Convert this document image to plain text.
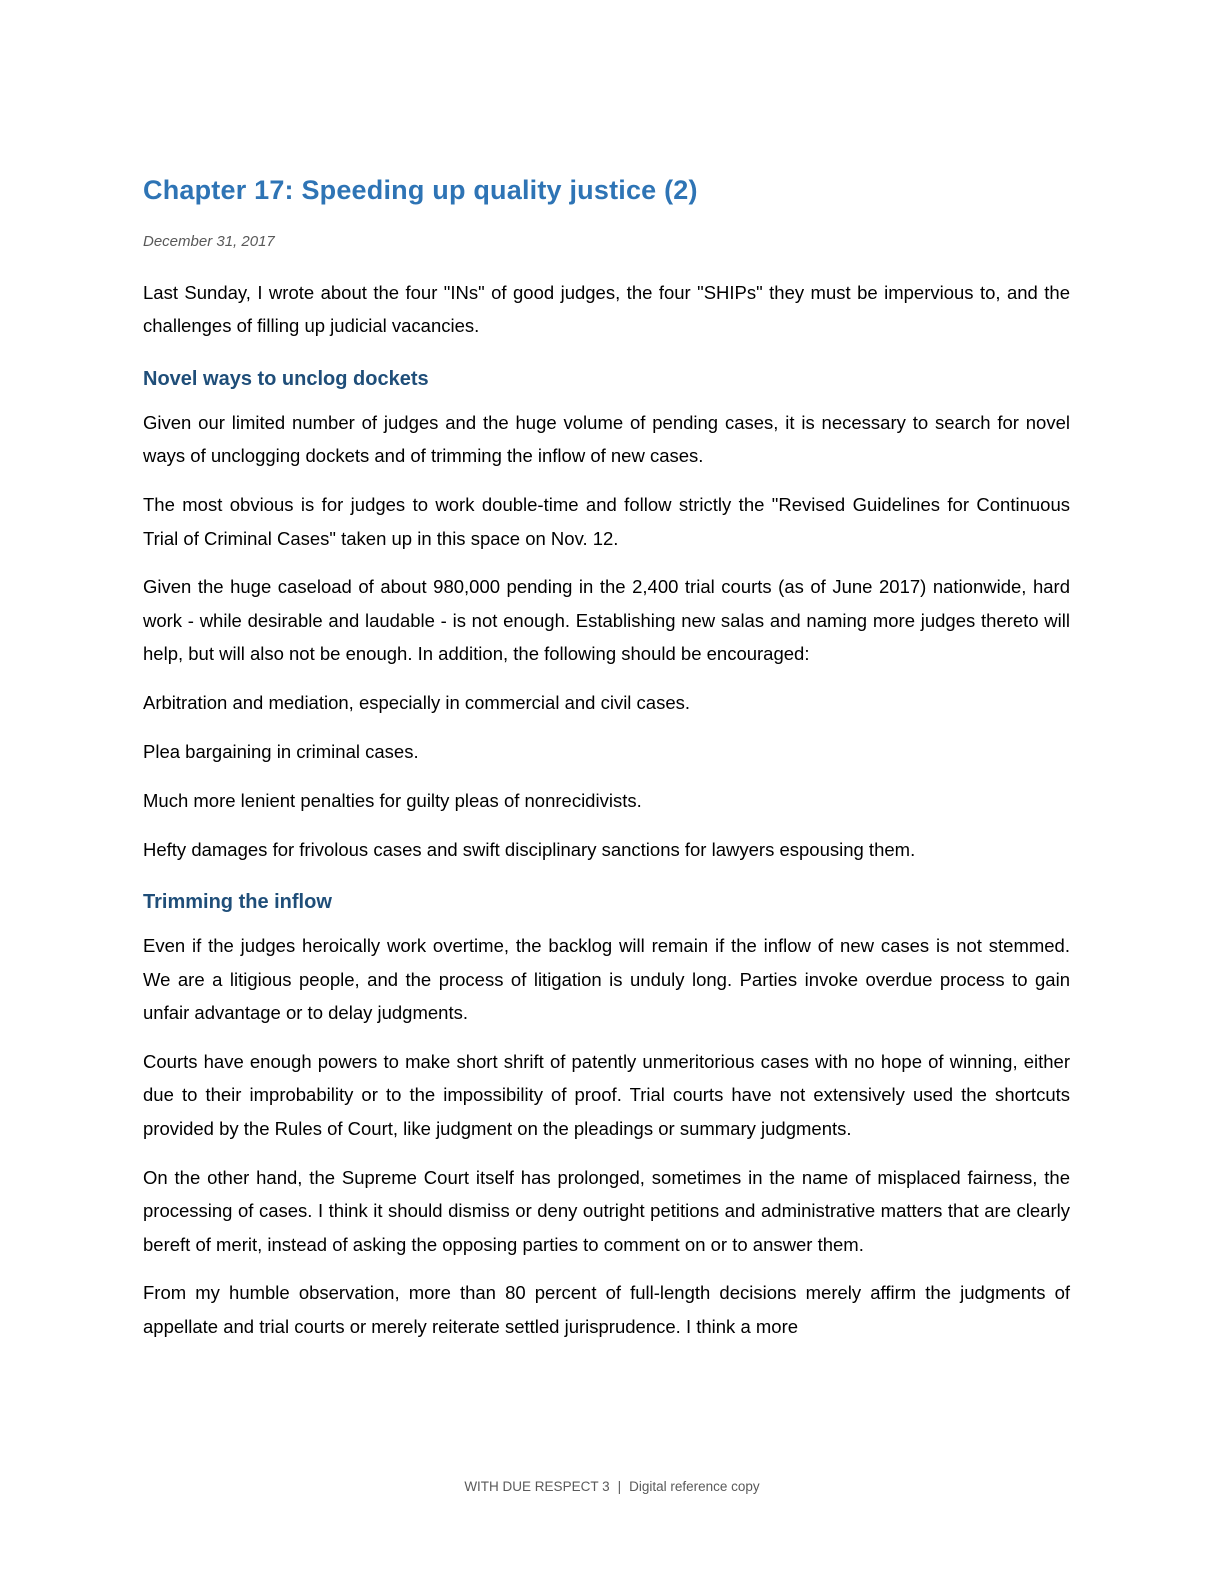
Chapter 17: Speeding up quality justice (2)
December 31, 2017

Last Sunday, I wrote about the four "INs" of good judges, the four "SHIPs" they must be impervious to, and the challenges of filling up judicial vacancies.

Novel ways to unclog dockets

Given our limited number of judges and the huge volume of pending cases, it is necessary to search for novel ways of unclogging dockets and of trimming the inflow of new cases.

The most obvious is for judges to work double-time and follow strictly the "Revised Guidelines for Continuous Trial of Criminal Cases" taken up in this space on Nov. 12.

Given the huge caseload of about 980,000 pending in the 2,400 trial courts (as of June 2017) nationwide, hard work - while desirable and laudable - is not enough. Establishing new salas and naming more judges thereto will help, but will also not be enough. In addition, the following should be encouraged:

Arbitration and mediation, especially in commercial and civil cases.

Plea bargaining in criminal cases.

Much more lenient penalties for guilty pleas of nonrecidivists.

Hefty damages for frivolous cases and swift disciplinary sanctions for lawyers espousing them.

Trimming the inflow

Even if the judges heroically work overtime, the backlog will remain if the inflow of new cases is not stemmed. We are a litigious people, and the process of litigation is unduly long. Parties invoke overdue process to gain unfair advantage or to delay judgments.

Courts have enough powers to make short shrift of patently unmeritorious cases with no hope of winning, either due to their improbability or to the impossibility of proof. Trial courts have not extensively used the shortcuts provided by the Rules of Court, like judgment on the pleadings or summary judgments.

On the other hand, the Supreme Court itself has prolonged, sometimes in the name of misplaced fairness, the processing of cases. I think it should dismiss or deny outright petitions and administrative matters that are clearly bereft of merit, instead of asking the opposing parties to comment on or to answer them.

From my humble observation, more than 80 percent of full-length decisions merely affirm the judgments of appellate and trial courts or merely reiterate settled jurisprudence. I think a more

WITH DUE RESPECT 3 | Digital reference copy
